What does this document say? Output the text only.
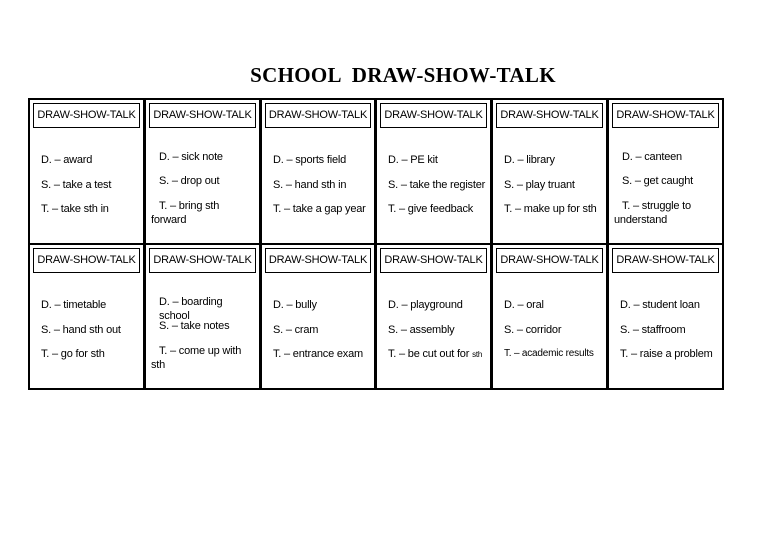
SCHOOL  DRAW-SHOW-TALK
DRAW-SHOW-TALK
D. – award
S. – take a test
T. – take sth in
DRAW-SHOW-TALK
D. – sick note
S. – drop out
T. – bring sth forward
DRAW-SHOW-TALK
D. – sports field
S. – hand sth in
T. – take a gap year
DRAW-SHOW-TALK
D. – PE kit
S. – take the register
T. – give feedback
DRAW-SHOW-TALK
D. – library
S. – play truant
T. – make up for sth
DRAW-SHOW-TALK
D. – canteen
S. – get caught
T. – struggle to understand
DRAW-SHOW-TALK
D. – timetable
S. – hand sth out
T. – go for sth
DRAW-SHOW-TALK
D. – boarding school
S. – take notes
T. – come up with sth
DRAW-SHOW-TALK
D. – bully
S. – cram
T. – entrance exam
DRAW-SHOW-TALK
D. – playground
S. – assembly
T. – be cut out for sth
DRAW-SHOW-TALK
D. – oral
S. – corridor
T. – academic results
DRAW-SHOW-TALK
D. – student loan
S. – staffroom
T. – raise a problem
